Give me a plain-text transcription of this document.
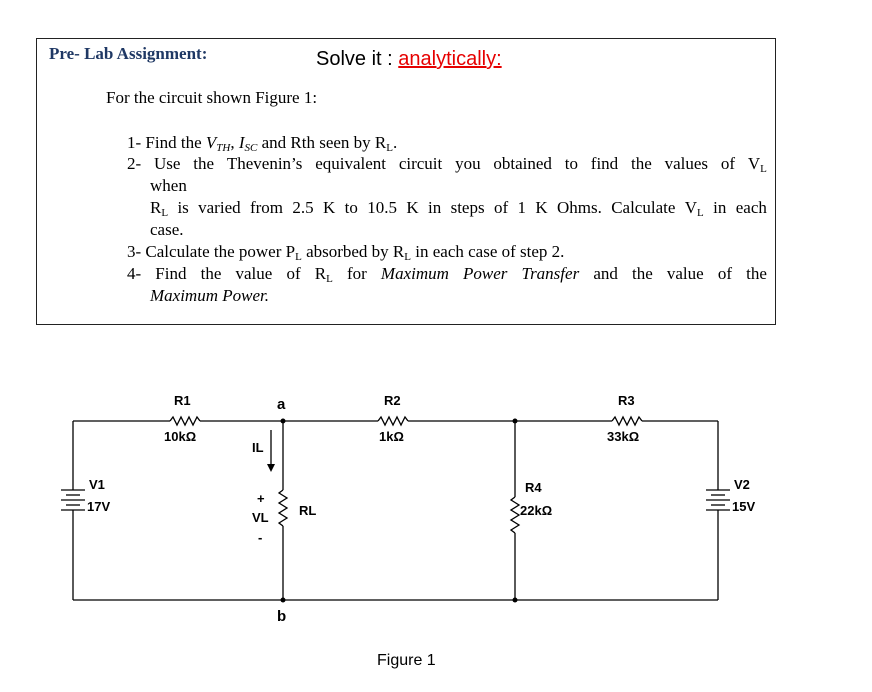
Pre- Lab Assignment:	Solve it : analytically:
For the circuit shown Figure 1:
1- Find the $V_{TH}$, $I_{SC}$ and Rth seen by $R_L$.
2- Use the Thevenin’s equivalent circuit you obtained to find the values of $V_L$
when
$R_L$ is varied from 2.5 K to 10.5 K in steps of 1 K Ohms. Calculate $V_L$ in each
case.
3- Calculate the power $P_L$ absorbed by $R_L$ in each case of step 2.
4- Find the value of $R_L$ for Maximum Power Transfer and the value of the
Maximum Power.
R1
10kΩ
R2
1kΩ
R3
33kΩ
R4
22kΩ
V1
17V
V2
15V
RL
a
b
IL
VL
+
-
Figure 1
